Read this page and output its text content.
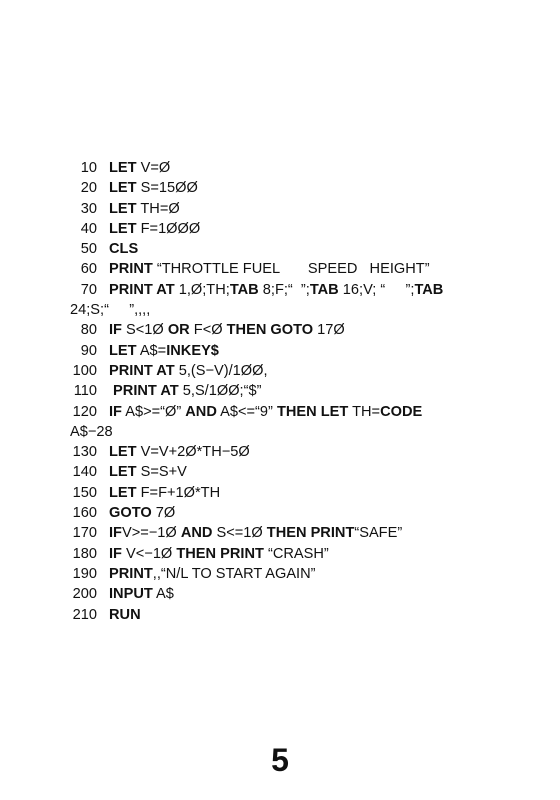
10 LET V=Ø
20 LET S=15ØØ
30 LET TH=Ø
40 LET F=1ØØØ
50 CLS
60 PRINT “THROTTLE FUEL       SPEED   HEIGHT”
70 PRINT AT 1,Ø;TH;TAB 8;F;“  ”;TAB 16;V; “     ”;TAB
24;S;“     ”,,,,
80 IF S<1Ø OR F<Ø THEN GOTO 17Ø
90 LET A$=INKEY$
100 PRINT AT 5,(S−V)/1ØØ,
110 PRINT AT 5,S/1ØØ;“$”
120 IF A$>=“Ø” AND A$<=“9” THEN LET TH=CODE
A$−28
130 LET V=V+2Ø*TH−5Ø
140 LET S=S+V
150 LET F=F+1Ø*TH
160 GOTO 7Ø
170 IFV>=−1Ø AND S<=1Ø THEN PRINT“SAFE”
180 IF V<−1Ø THEN PRINT “CRASH”
190 PRINT,,“N/L TO START AGAIN”
200 INPUT A$
210 RUN
5
